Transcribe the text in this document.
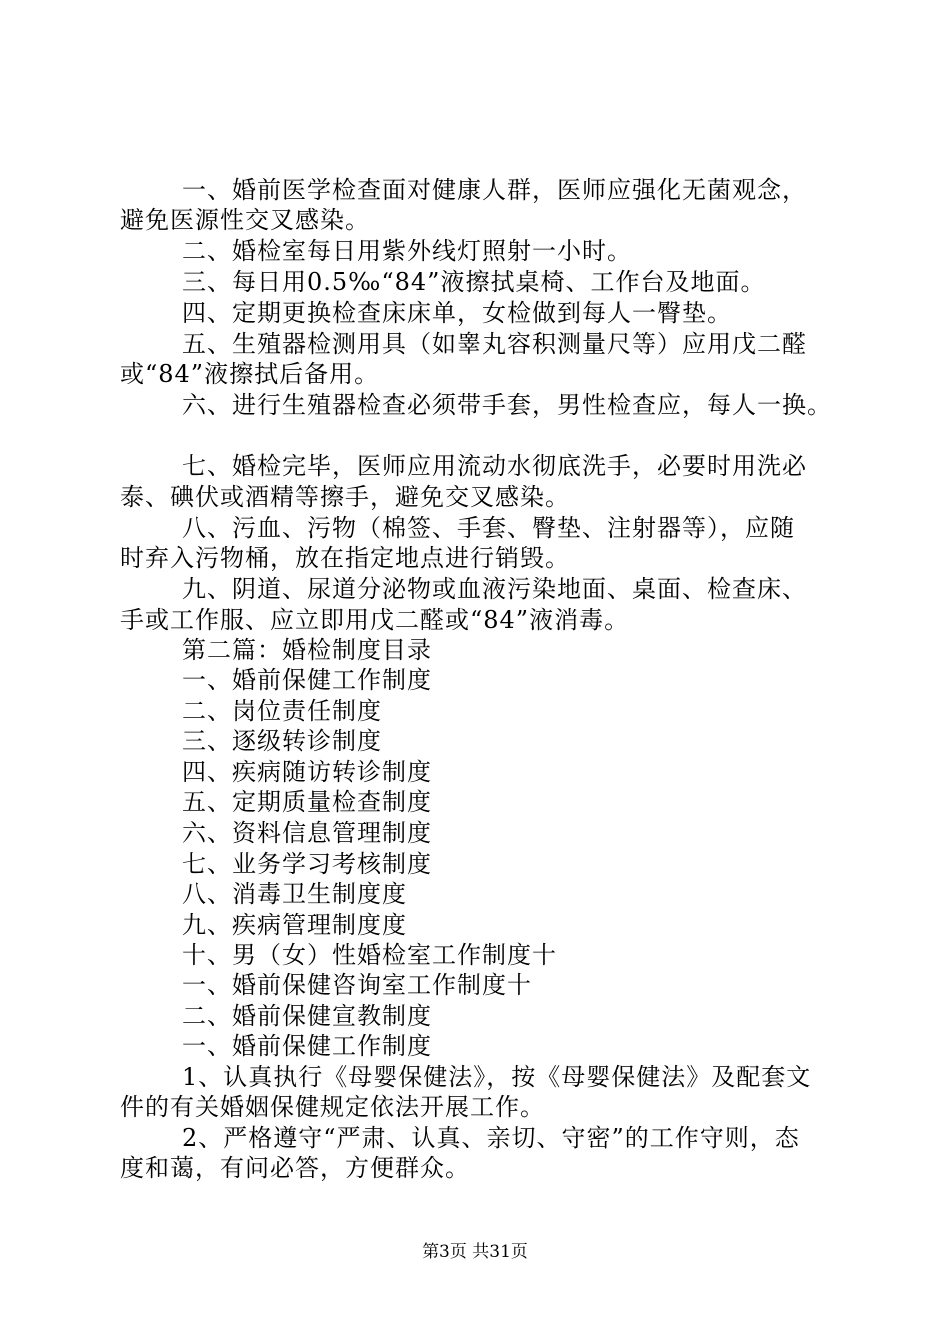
一、婚前医学检查面对健康人群，医师应强化无菌观念，
避免医源性交叉感染。
二、婚检室每日用紫外线灯照射一小时。
三、每日用0.5‰“84”液擦拭桌椅、工作台及地面。
四、定期更换检查床床单，女检做到每人一臀垫。
五、生殖器检测用具（如睾丸容积测量尺等）应用戊二醛
或“84”液擦拭后备用。
六、进行生殖器检查必须带手套，男性检查应，每人一换。
七、婚检完毕，医师应用流动水彻底洗手，必要时用洗必
泰、碘伏或酒精等擦手，避免交叉感染。
八、污血、污物（棉签、手套、臀垫、注射器等），应随
时弃入污物桶，放在指定地点进行销毁。
九、阴道、尿道分泌物或血液污染地面、桌面、检查床、
手或工作服、应立即用戊二醛或“84”液消毒。
第二篇：婚检制度目录
一、婚前保健工作制度
二、岗位责任制度
三、逐级转诊制度
四、疾病随访转诊制度
五、定期质量检查制度
六、资料信息管理制度
七、业务学习考核制度
八、消毒卫生制度度
九、疾病管理制度度
十、男（女）性婚检室工作制度十
一、婚前保健咨询室工作制度十
二、婚前保健宣教制度
一、婚前保健工作制度
1、认真执行《母婴保健法》，按《母婴保健法》及配套文
件的有关婚姻保健规定依法开展工作。
2、严格遵守“严肃、认真、亲切、守密”的工作守则，态
度和蔼，有问必答，方便群众。
第3页 共31页
